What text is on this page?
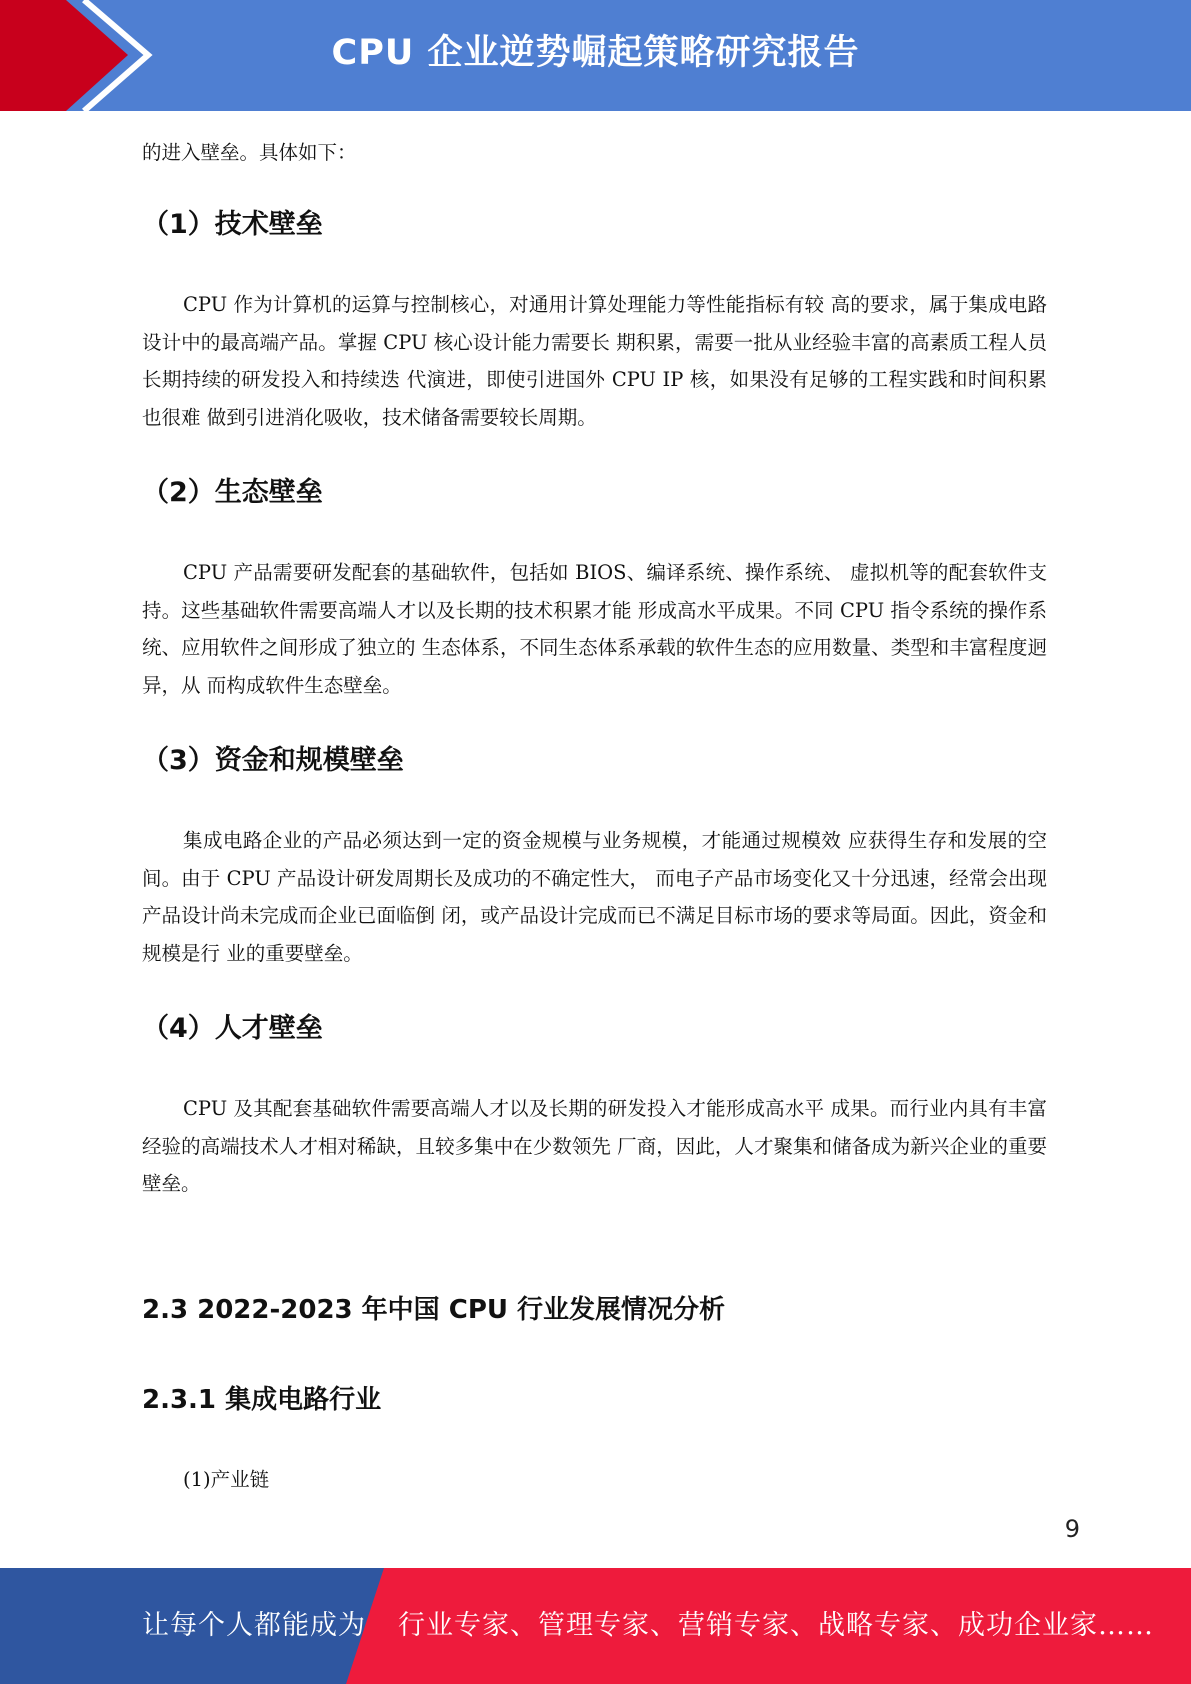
CPU 企业逆势崛起策略研究报告

的进入壁垒。具体如下：

（1）技术壁垒

CPU 作为计算机的运算与控制核心，对通用计算处理能力等性能指标有较 高的要求，属于集成电路设计中的最高端产品。掌握 CPU 核心设计能力需要长 期积累，需要一批从业经验丰富的高素质工程人员长期持续的研发投入和持续迭 代演进，即使引进国外 CPU IP 核，如果没有足够的工程实践和时间积累也很难 做到引进消化吸收，技术储备需要较长周期。

（2）生态壁垒

CPU 产品需要研发配套的基础软件，包括如 BIOS、编译系统、操作系统、 虚拟机等的配套软件支持。这些基础软件需要高端人才以及长期的技术积累才能 形成高水平成果。不同 CPU 指令系统的操作系统、应用软件之间形成了独立的 生态体系，不同生态体系承载的软件生态的应用数量、类型和丰富程度迥异，从 而构成软件生态壁垒。

（3）资金和规模壁垒

集成电路企业的产品必须达到一定的资金规模与业务规模，才能通过规模效 应获得生存和发展的空间。由于 CPU 产品设计研发周期长及成功的不确定性大， 而电子产品市场变化又十分迅速，经常会出现产品设计尚未完成而企业已面临倒 闭，或产品设计完成而已不满足目标市场的要求等局面。因此，资金和规模是行 业的重要壁垒。

（4）人才壁垒

CPU 及其配套基础软件需要高端人才以及长期的研发投入才能形成高水平 成果。而行业内具有丰富经验的高端技术人才相对稀缺，且较多集中在少数领先 厂商，因此，人才聚集和储备成为新兴企业的重要壁垒。

2.3 2022-2023 年中国 CPU 行业发展情况分析
2.3.1 集成电路行业

(1)产业链

9
让每个人都能成为 行业专家、管理专家、营销专家、战略专家、成功企业家……
